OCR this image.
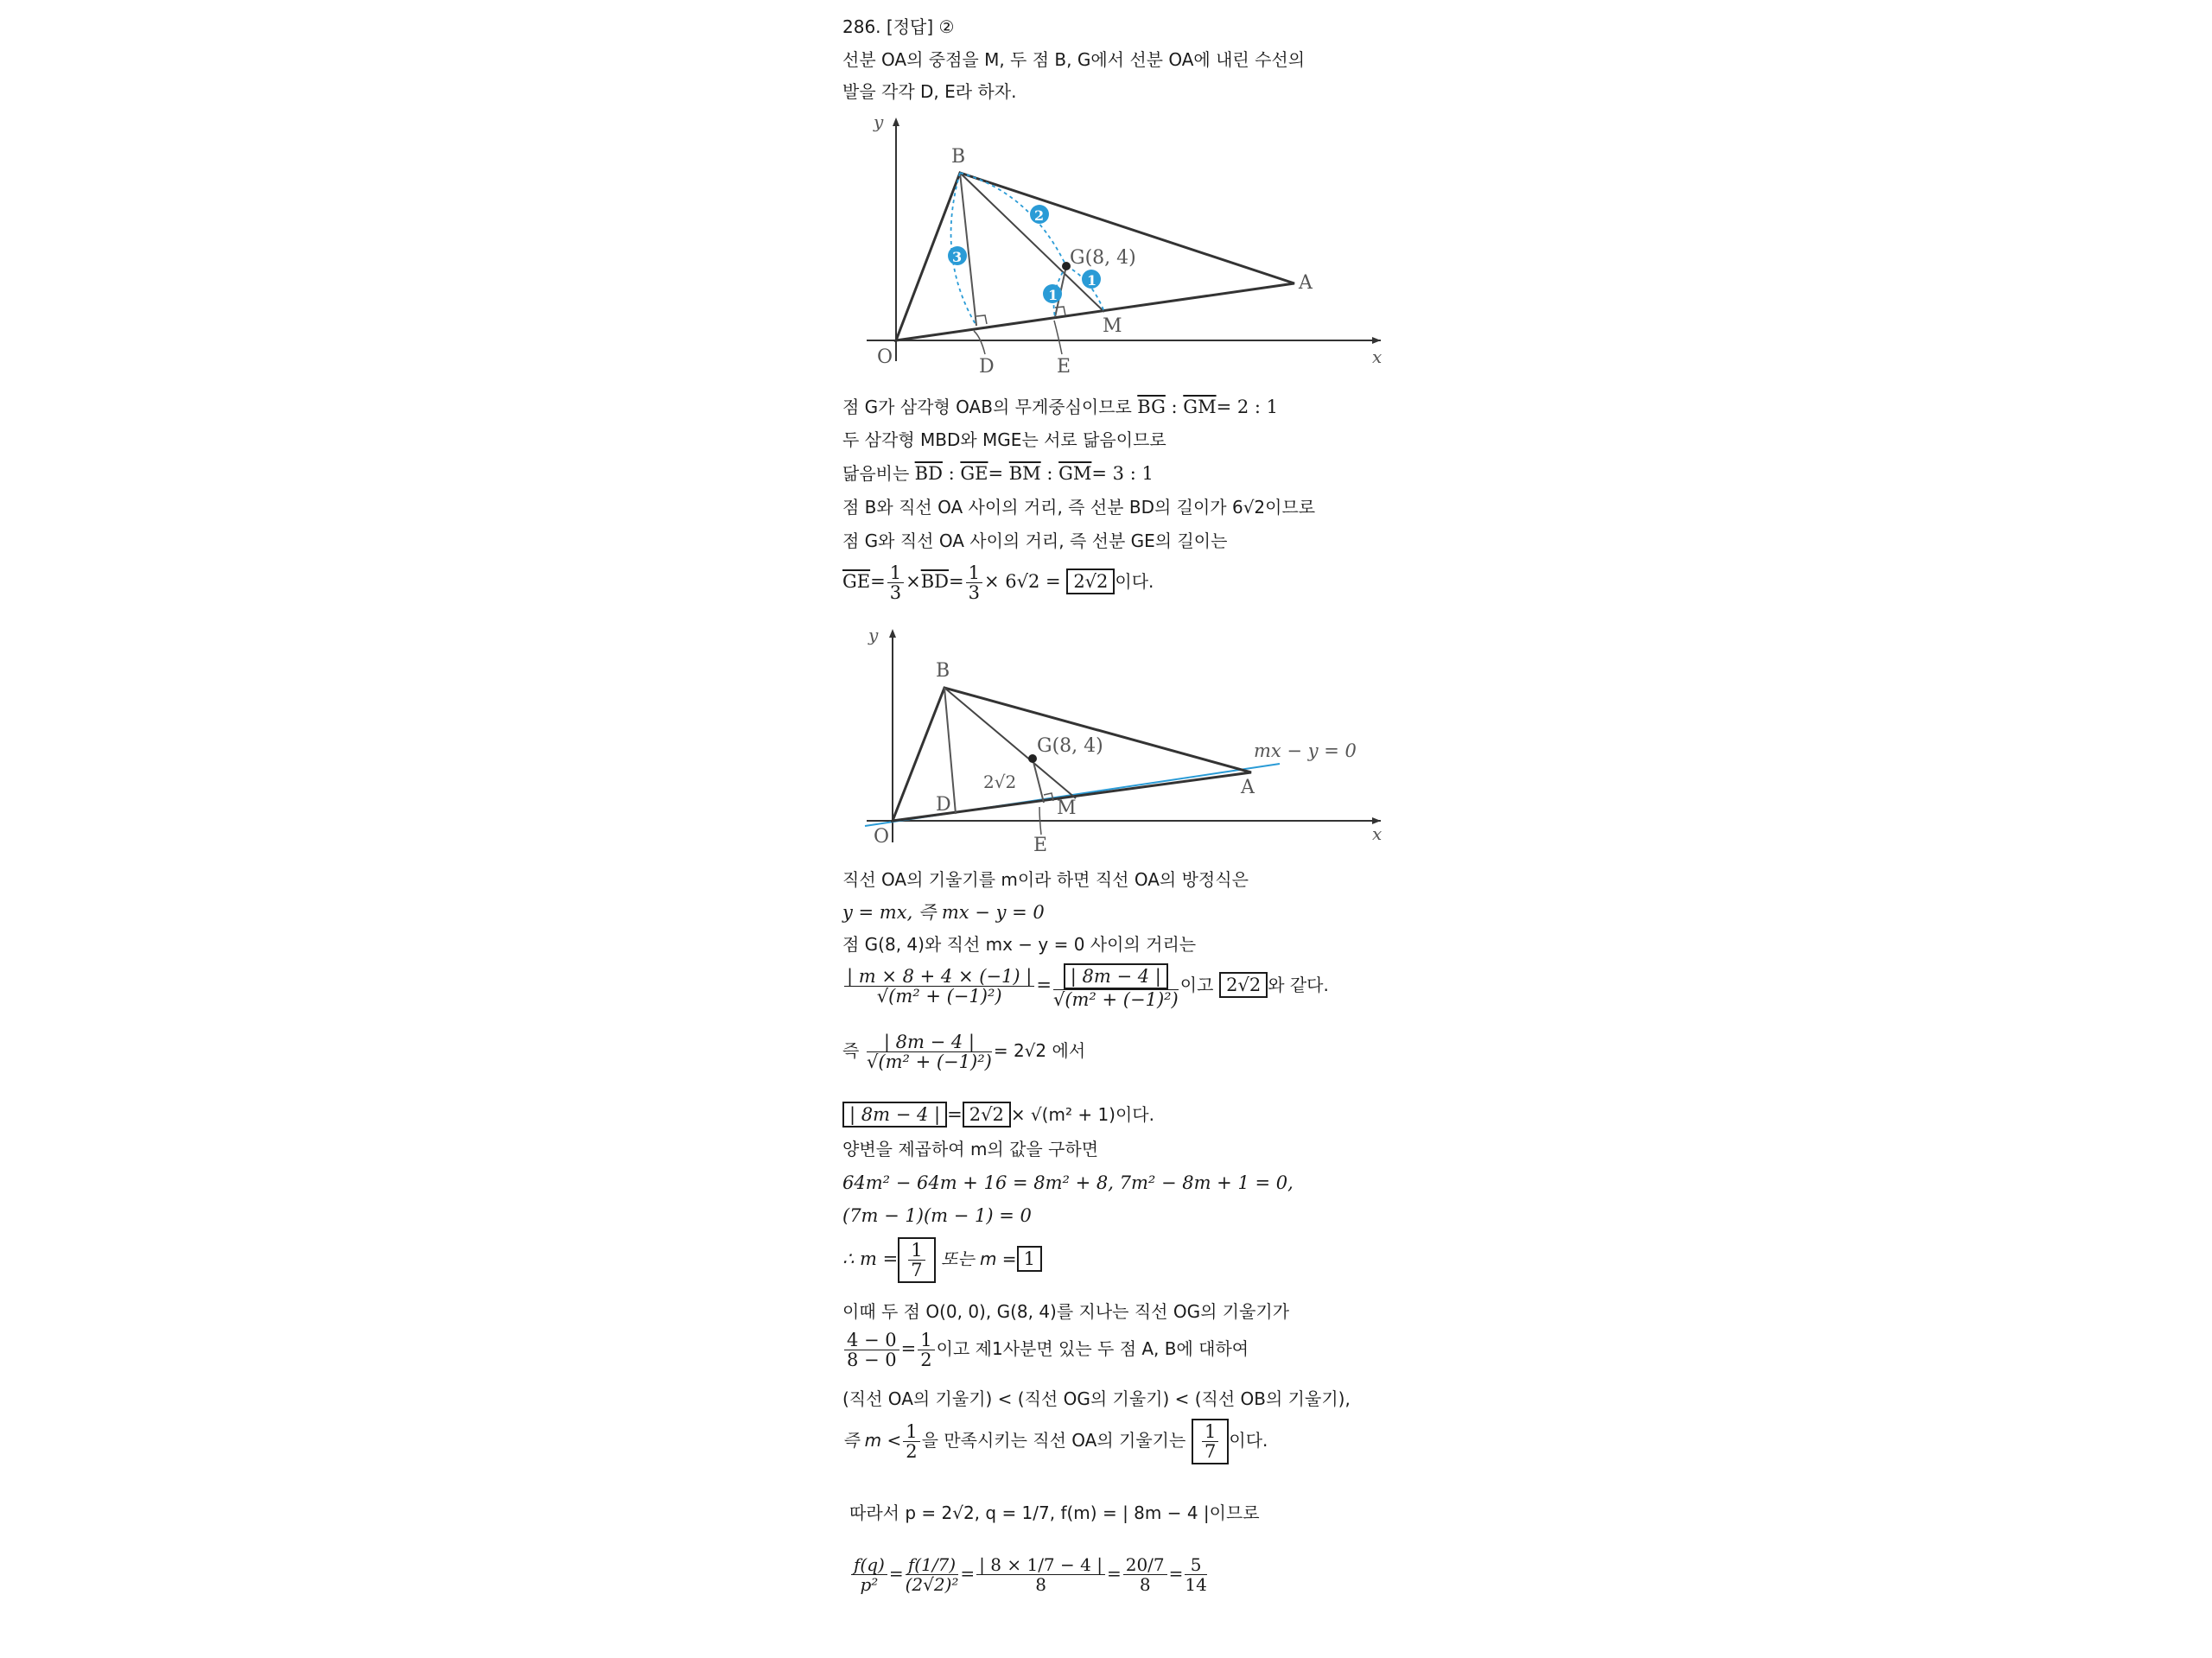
286. [정답] ②
선분 OA의 중점을 M, 두 점 B, G에서 선분 OA에 내린 수선의
발을 각각 D, E라 하자.
y
x
O
2
3
1
1
B
A
G(8, 4)
M
D	E
점 G가 삼각형 OAB의 무게중심이므로 $\overline{BG}$ : $\overline{GM}= 2$ : 1
두 삼각형 MBD와 MGE는 서로 닮음이므로
닮음비는 $\overline{BD}$ : $\overline{GE}= \overline{BM}$ : $\overline{GM}= 3$ : 1
점 B와 직선 OA 사이의 거리, 즉 선분 BD의 길이가 6√2이므로
점 G와 직선 OA 사이의 거리, 즉 선분 GE의 길이는
$\overline{GE}= \frac{1}{3} \times\overline{BD}= \frac{1}{3} \times 6√2 = 2√2$ 이다.
y
x
O
B
A
G(8, 4)
M
D
E
2√2
mx − y = 0
직선 OA의 기울기를 m이라 하면 직선 OA의 방정식은
y = mx, 즉 mx − y = 0
점 G(8, 4)와 직선 mx − y = 0 사이의 거리는
$\frac{| m \times 8 + 4 \times (-1) |}{\text{√(m² + (−1)²)}} = \frac{| 8m - 4 |}{\text{√(m² + (−1)²)}}$ 이고 2√2 와 같다.
즉 $\frac{| 8m - 4 |}{\text{√(m² + (−1)²)}} = 2√2$ 에서
| 8m − 4 | = 2√2 × √(m² + 1)이다.
양변을 제곱하여 m의 값을 구하면
64m² − 64m + 16 = 8m² + 8, 7m² − 8m + 1 = 0,
(7m − 1)(m − 1) = 0
∴ $m = \frac{1}{7}$ 또는 m = 1
이때 두 점 O(0, 0), G(8, 4)를 지나는 직선 OG의 기울기가
$\frac{4 - 0}{8 - 0} = \frac{1}{2}$ 이고 제1사분면 있는 두 점 A, B에 대하여
(직선 OA의 기울기) < (직선 OG의 기울기) < (직선 OB의 기울기),
즉 $m < \frac{1}{2}$ 을 만족시키는 직선 OA의 기울기는 $\frac{1}{7}$ 이다.
따라서 p = 2√2, q = 1/7, f(m) = | 8m − 4 |이므로
$\frac{f(q)}{\text{p²}} = \frac{f(1/7)}{\text{(2√2)²}} = \frac{| 8 \times 1/7 - 4 |}{8} = \frac{20/7}{8} = \frac{5}{14}$
